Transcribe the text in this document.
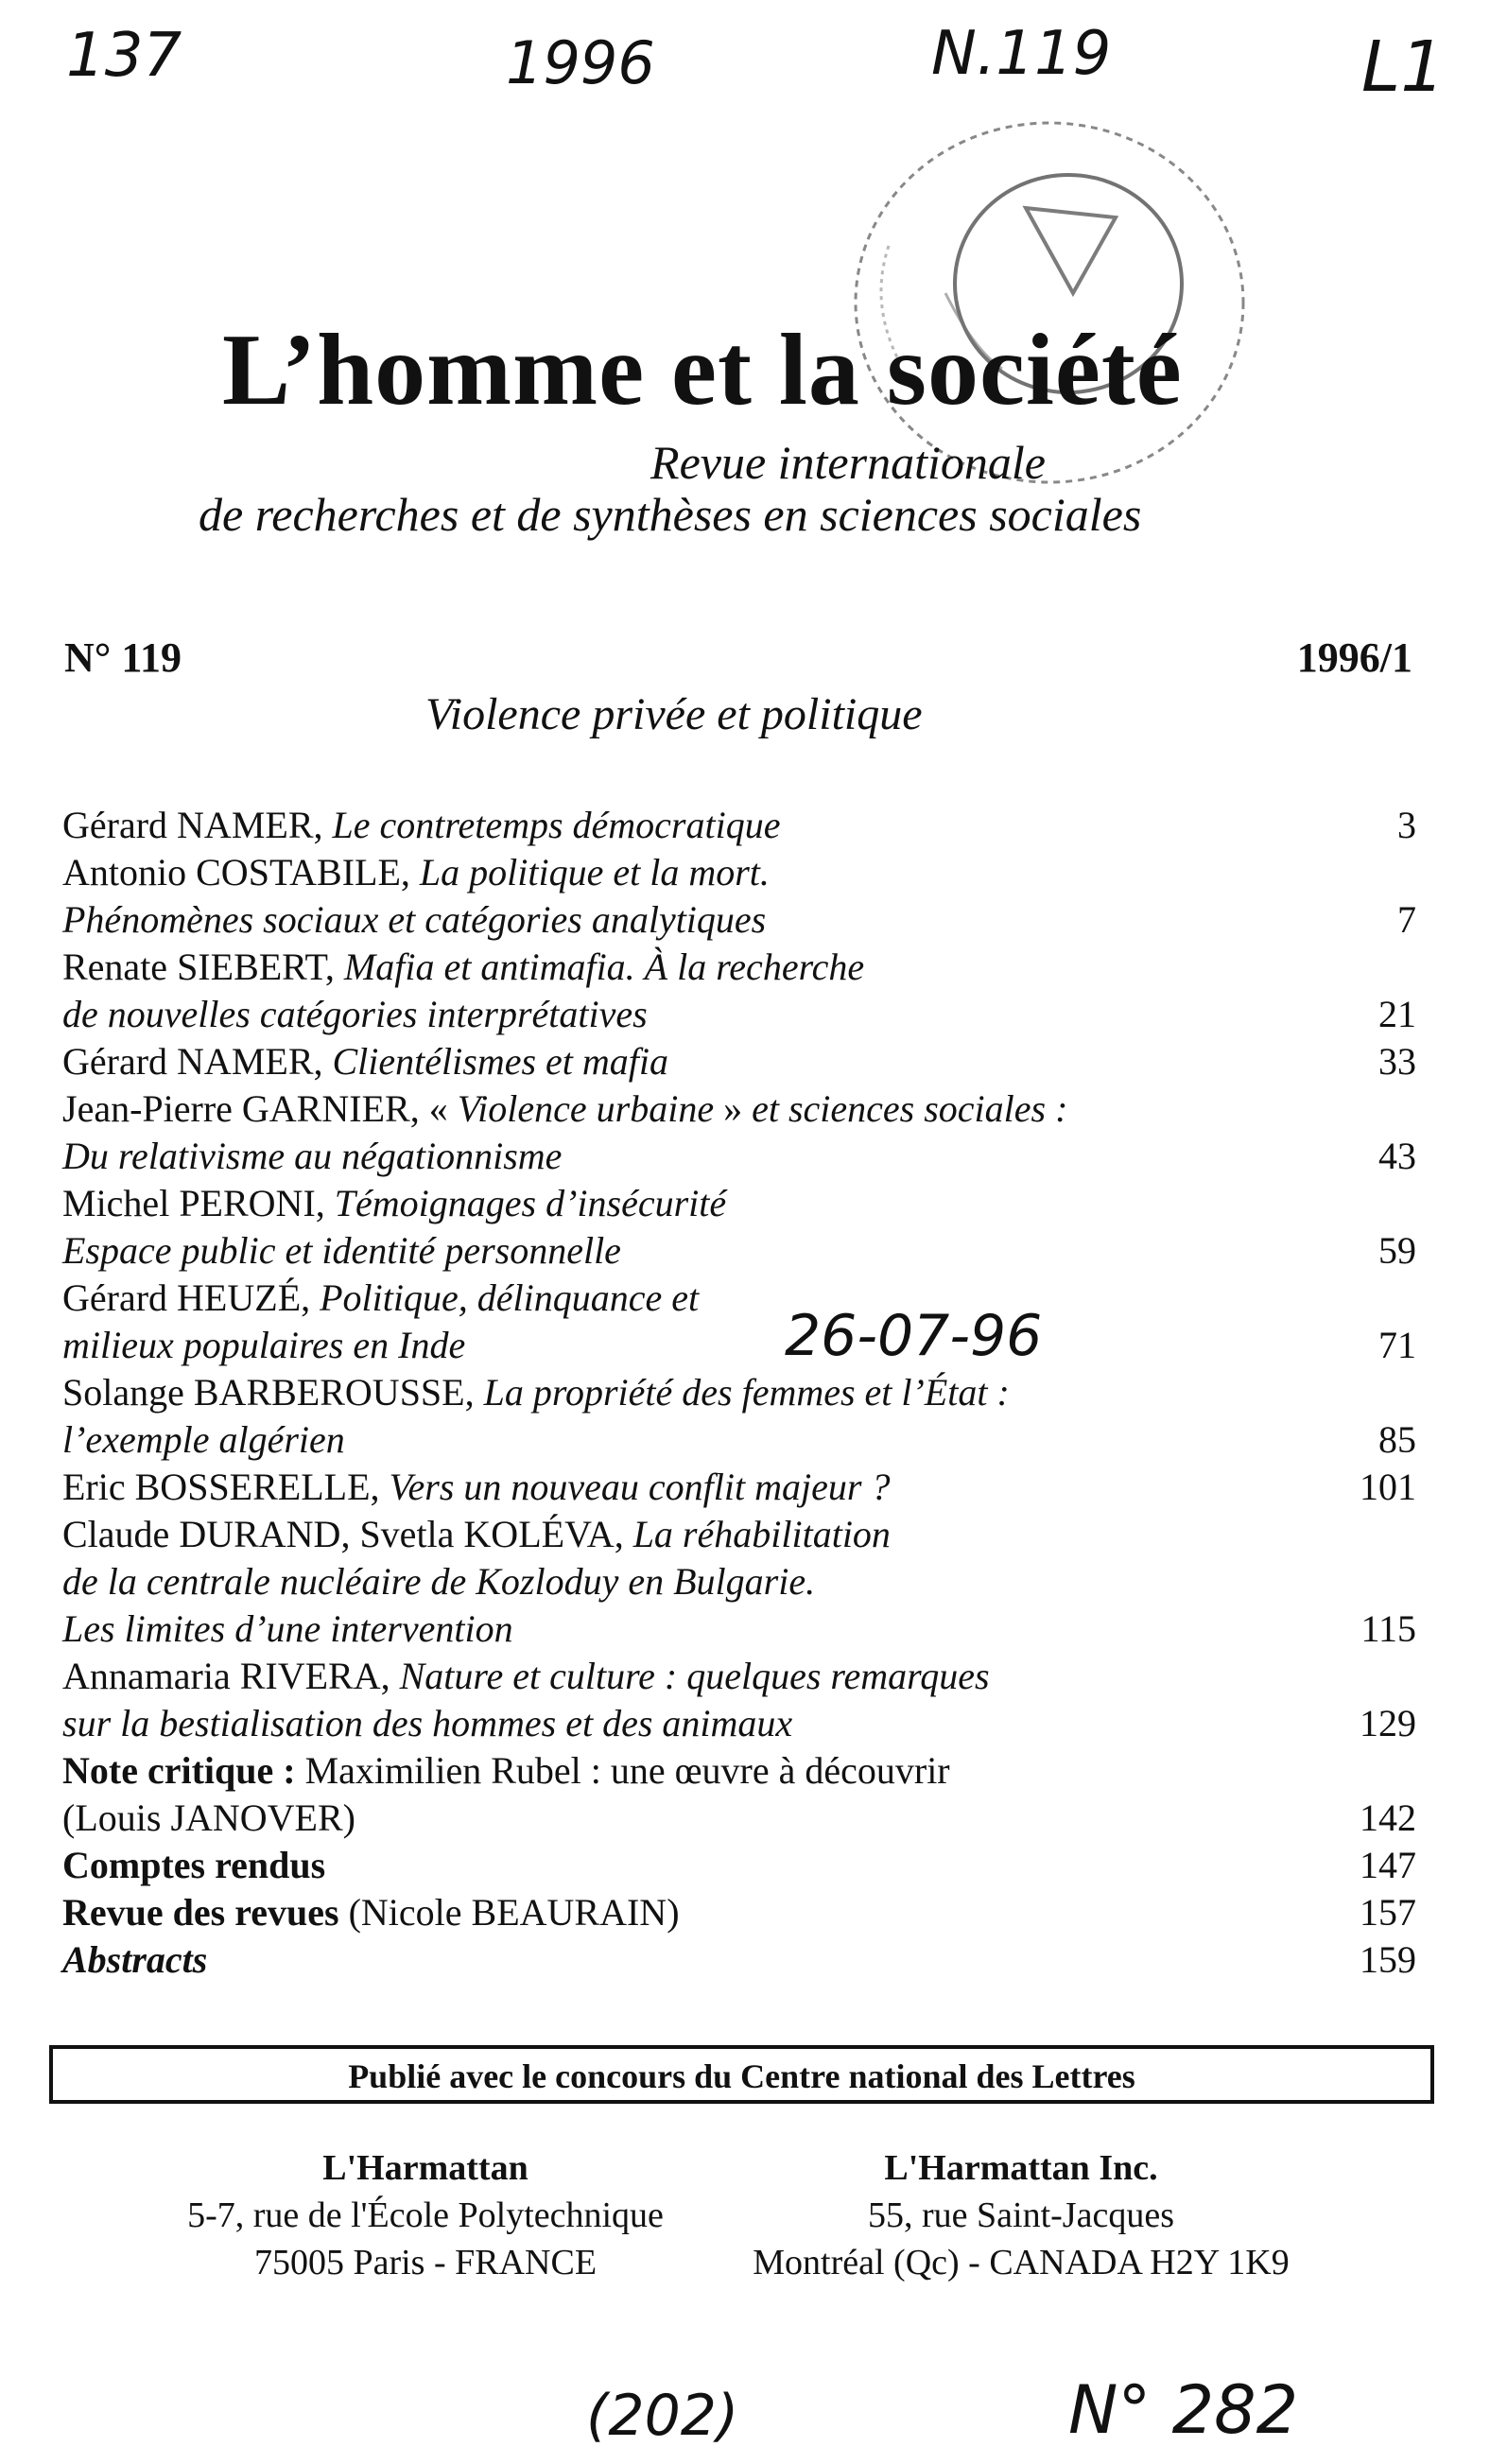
137	1996	N.119	L1
L’homme et la société
Revue internationale
de recherches et de synthèses en sciences sociales
N° 119	1996/1
Violence privée et politique
Gérard NAMER, Le contretemps démocratique	3
Antonio COSTABILE, La politique et la mort.
Phénomènes sociaux et catégories analytiques	7
Renate SIEBERT, Mafia et antimafia. À la recherche
de nouvelles catégories interprétatives	21
Gérard NAMER, Clientélismes et mafia	33
Jean-Pierre GARNIER, « Violence urbaine » et sciences sociales :
Du relativisme au négationnisme	43
Michel PERONI, Témoignages d’insécurité
Espace public et identité personnelle	59
Gérard HEUZÉ, Politique, délinquance et
milieux populaires en Inde	71
Solange BARBEROUSSE, La propriété des femmes et l’État :
l’exemple algérien	85
Eric BOSSERELLE, Vers un nouveau conflit majeur ?	101
Claude DURAND, Svetla KOLÉVA, La réhabilitation
de la centrale nucléaire de Kozloduy en Bulgarie.
Les limites d’une intervention	115
Annamaria RIVERA, Nature et culture : quelques remarques
sur la bestialisation des hommes et des animaux	129
Note critique : Maximilien Rubel : une œuvre à découvrir
(Louis JANOVER)	142
Comptes rendus	147
Revue des revues (Nicole BEAURAIN)	157
Abstracts	159
26-07-96
Publié avec le concours du Centre national des Lettres
L'Harmattan
5-7, rue de l'École Polytechnique
75005 Paris - FRANCE
L'Harmattan Inc.
55, rue Saint-Jacques
Montréal (Qc) - CANADA H2Y 1K9
(202)	N° 282
